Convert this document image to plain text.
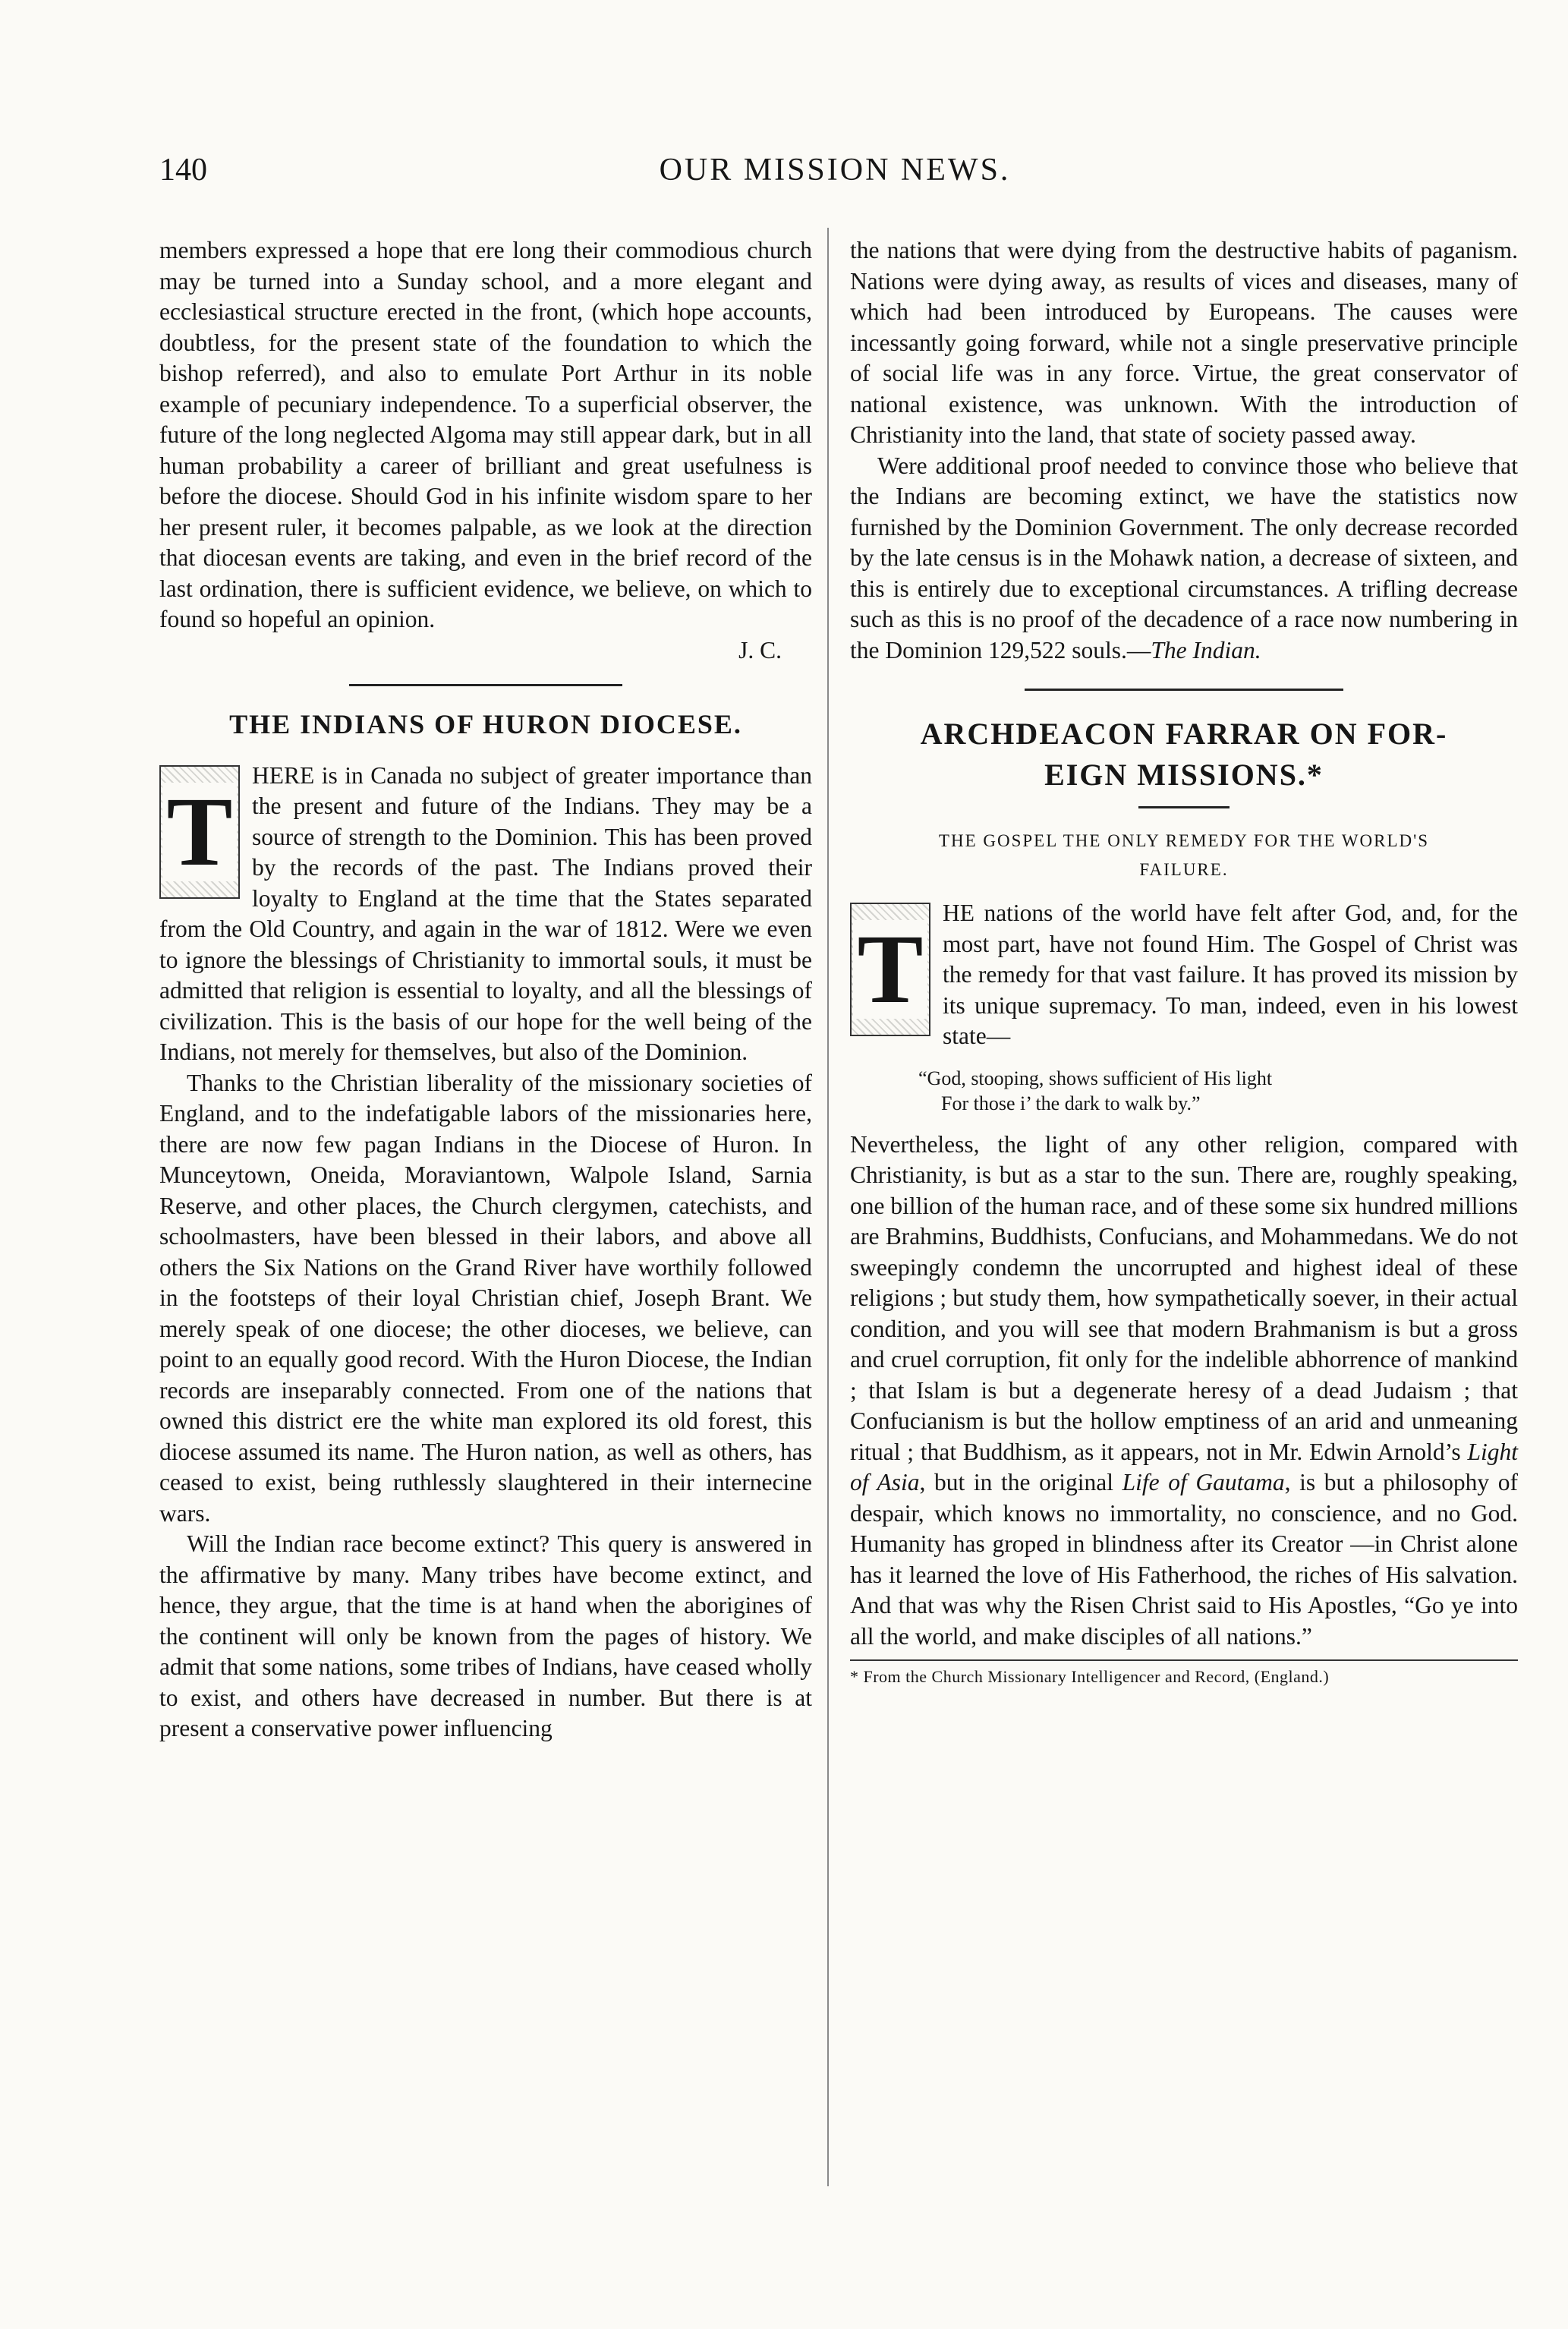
140	OUR MISSION NEWS.

members expressed a hope that ere long their commodious church may be turned into a Sunday school, and a more elegant and ecclesiastical structure erected in the front, (which hope accounts, doubtless, for the present state of the foundation to which the bishop referred), and also to emulate Port Arthur in its noble example of pecuniary independence. To a superficial observer, the future of the long neglected Algoma may still appear dark, but in all human probability a career of brilliant and great usefulness is before the diocese. Should God in his infinite wisdom spare to her her present ruler, it becomes palpable, as we look at the direction that diocesan events are taking, and even in the brief record of the last ordination, there is sufficient evidence, we believe, on which to found so hopeful an opinion.

J. C.
THE INDIANS OF HURON DIOCESE.

T
HERE is in Canada no subject of greater importance than the present and future of the Indians. They may be a source of strength to the Dominion. This has been proved by the records of the past. The Indians proved their loyalty to England at the time that the States separated from the Old Country, and again in the war of 1812. Were we even to ignore the blessings of Christianity to immortal souls, it must be admitted that religion is essential to loyalty, and all the blessings of civilization. This is the basis of our hope for the well being of the Indians, not merely for themselves, but also of the Dominion.

Thanks to the Christian liberality of the missionary societies of England, and to the indefatigable labors of the missionaries here, there are now few pagan Indians in the Diocese of Huron. In Munceytown, Oneida, Moraviantown, Walpole Island, Sarnia Reserve, and other places, the Church clergymen, catechists, and schoolmasters, have been blessed in their labors, and above all others the Six Nations on the Grand River have worthily followed in the footsteps of their loyal Christian chief, Joseph Brant. We merely speak of one diocese; the other dioceses, we believe, can point to an equally good record. With the Huron Diocese, the Indian records are inseparably connected. From one of the nations that owned this district ere the white man explored its old forest, this diocese assumed its name. The Huron nation, as well as others, has ceased to exist, being ruthlessly slaughtered in their internecine wars.

Will the Indian race become extinct? This query is answered in the affirmative by many. Many tribes have become extinct, and hence, they argue, that the time is at hand when the aborigines of the continent will only be known from the pages of history. We admit that some nations, some tribes of Indians, have ceased wholly to exist, and others have decreased in number. But there is at present a conservative power influencing

the nations that were dying from the destructive habits of paganism. Nations were dying away, as results of vices and diseases, many of which had been introduced by Europeans. The causes were incessantly going forward, while not a single preservative principle of social life was in any force. Virtue, the great conservator of national existence, was unknown. With the introduction of Christianity into the land, that state of society passed away.

Were additional proof needed to convince those who believe that the Indians are becoming extinct, we have the statistics now furnished by the Dominion Government. The only decrease recorded by the late census is in the Mohawk nation, a decrease of sixteen, and this is entirely due to exceptional circumstances. A trifling decrease such as this is no proof of the decadence of a race now numbering in the Dominion 129,522 souls.—The Indian.

ARCHDEACON FARRAR ON FOR-
EIGN MISSIONS.*
THE GOSPEL THE ONLY REMEDY FOR THE WORLD'S
FAILURE.

T
HE nations of the world have felt after God, and, for the most part, have not found Him. The Gospel of Christ was the remedy for that vast failure. It has proved its mission by its unique supremacy. To man, indeed, even in his lowest state—

“God, stooping, shows sufficient of His light
For those i’ the dark to walk by.”

Nevertheless, the light of any other religion, compared with Christianity, is but as a star to the sun. There are, roughly speaking, one billion of the human race, and of these some six hundred millions are Brahmins, Buddhists, Confucians, and Mohammedans. We do not sweepingly condemn the uncorrupted and highest ideal of these religions ; but study them, how sympathetically soever, in their actual condition, and you will see that modern Brahmanism is but a gross and cruel corruption, fit only for the indelible abhorrence of mankind ; that Islam is but a degenerate heresy of a dead Judaism ; that Confucianism is but the hollow emptiness of an arid and unmeaning ritual ; that Buddhism, as it appears, not in Mr. Edwin Arnold’s Light of Asia, but in the original Life of Gautama, is but a philosophy of despair, which knows no immortality, no conscience, and no God. Humanity has groped in blindness after its Creator —in Christ alone has it learned the love of His Fatherhood, the riches of His salvation. And that was why the Risen Christ said to His Apostles, “Go ye into all the world, and make disciples of all nations.”

* From the Church Missionary Intelligencer and Record, (England.)
